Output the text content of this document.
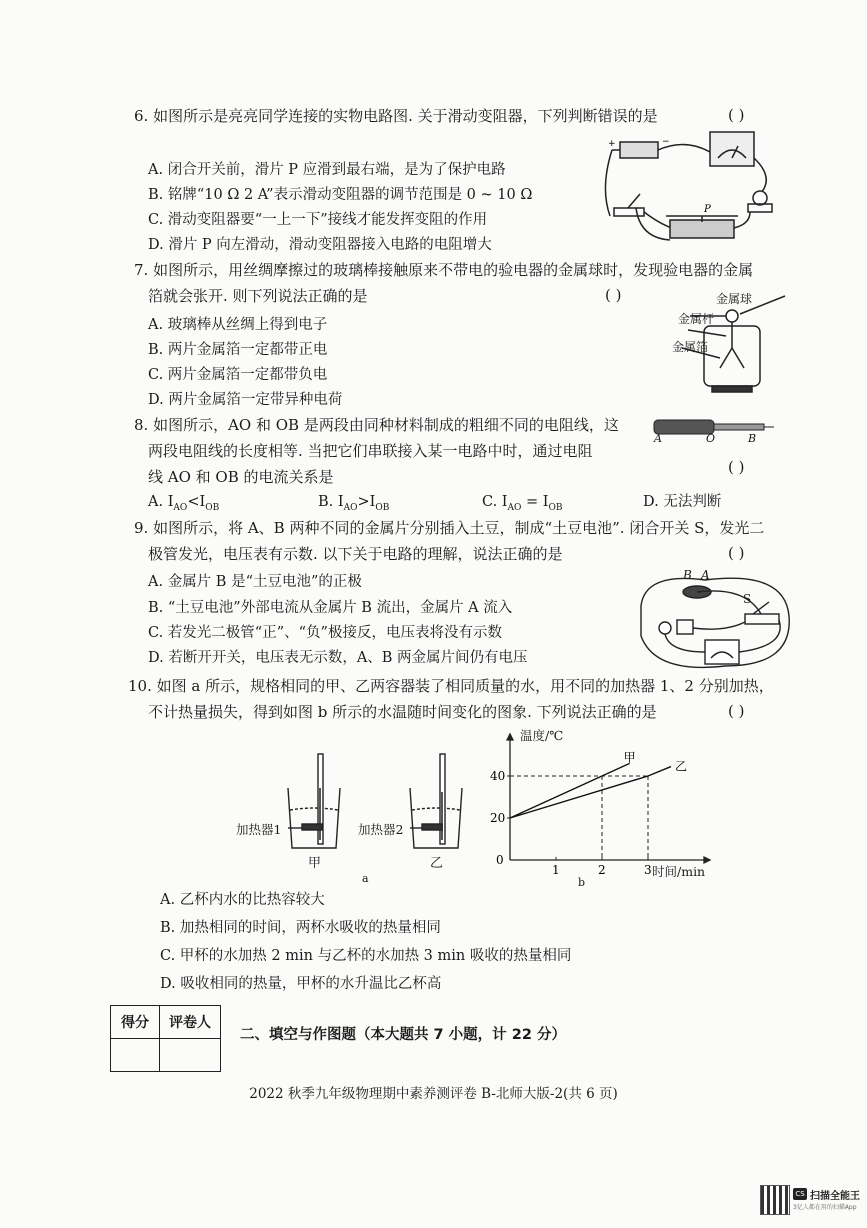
6. 如图所示是亮亮同学连接的实物电路图. 关于滑动变阻器，下列判断错误的是	( )
A. 闭合开关前，滑片 P 应滑到最右端，是为了保护电路
B. 铭牌“10 Ω 2 A”表示滑动变阻器的调节范围是 0 ~ 10 Ω
C. 滑动变阻器要“一上一下”接线才能发挥变阻的作用
D. 滑片 P 向左滑动，滑动变阻器接入电路的电阻增大
P
+	−
7. 如图所示，用丝绸摩擦过的玻璃棒接触原来不带电的验电器的金属球时，发现验电器的金属
箔就会张开. 则下列说法正确的是	( )
A. 玻璃棒从丝绸上得到电子
B. 两片金属箔一定都带正电
C. 两片金属箔一定都带负电
D. 两片金属箔一定带异种电荷
金属球
金属杆
金属箔
8. 如图所示，AO 和 OB 是两段由同种材料制成的粗细不同的电阻线，这
两段电阻线的长度相等. 当把它们串联接入某一电路中时，通过电阻
线 AO 和 OB 的电流关系是
( )
A. $I_{AO}<I_{OB}$	B. $I_{AO}>I_{OB}$	C. $I_{AO} = I_{OB}$	D. 无法判断
A	O	B
9. 如图所示，将 A、B 两种不同的金属片分别插入土豆，制成“土豆电池”. 闭合开关 S，发光二
极管发光，电压表有示数. 以下关于电路的理解，说法正确的是	( )
A. 金属片 B 是“土豆电池”的正极
B. “土豆电池”外部电流从金属片 B 流出，金属片 A 流入
C. 若发光二极管“正”、“负”极接反，电压表将没有示数
D. 若断开开关，电压表无示数，A、B 两金属片间仍有电压
B A
S
10. 如图 a 所示，规格相同的甲、乙两容器装了相同质量的水，用不同的加热器 1、2 分别加热，
不计热量损失，得到如图 b 所示的水温随时间变化的图象. 下列说法正确的是	( )
加热器1	加热器2
甲	乙
a
甲
乙
20
40
1	2	3
0
温度/℃
时间/min
b
A. 乙杯内水的比热容较大
B. 加热相同的时间，两杯水吸收的热量相同
C. 甲杯的水加热 2 min 与乙杯的水加热 3 min 吸收的热量相同
D. 吸收相同的热量，甲杯的水升温比乙杯高
得分	评卷人

二、填空与作图题（本大题共 7 小题，计 22 分）
2022 秋季九年级物理期中素养测评卷 B-北师大版-2(共 6 页)
CS 扫描全能王
3亿人都在用的扫描App
